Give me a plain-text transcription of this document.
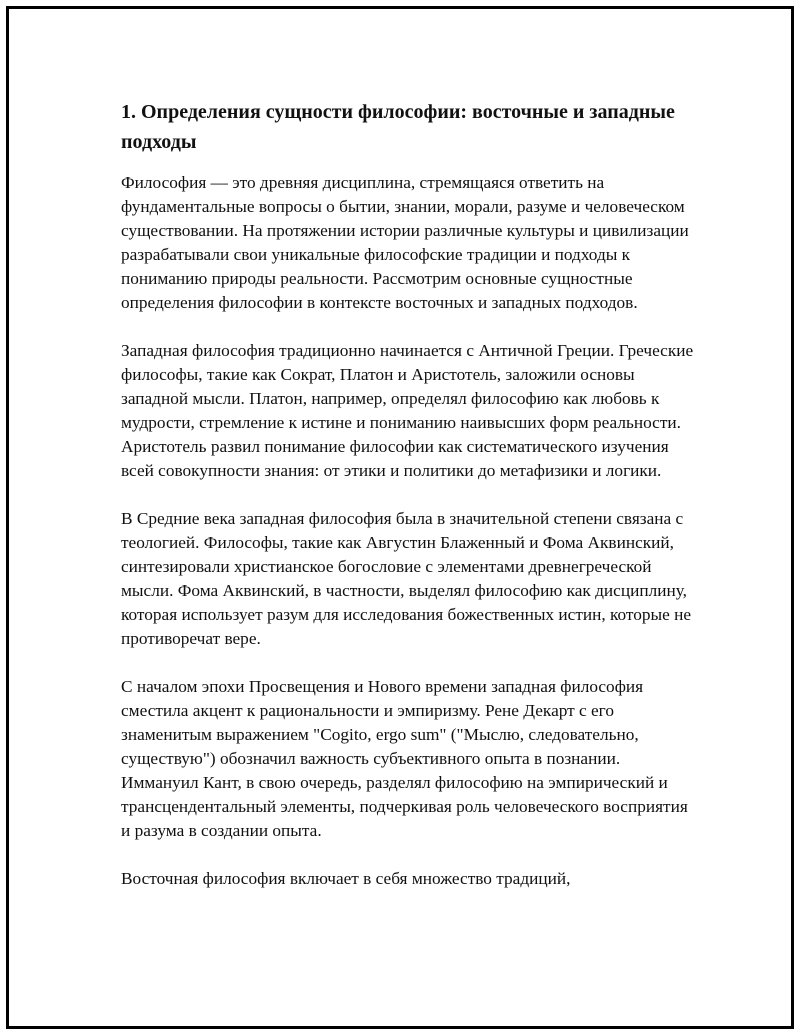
1. Определения сущности философии: восточные и западные подходы

Философия — это древняя дисциплина, стремящаяся ответить на фундаментальные вопросы о бытии, знании, морали, разуме и человеческом существовании. На протяжении истории различные культуры и цивилизации разрабатывали свои уникальные философские традиции и подходы к пониманию природы реальности. Рассмотрим основные сущностные определения философии в контексте восточных и западных подходов.

Западная философия традиционно начинается с Античной Греции. Греческие философы, такие как Сократ, Платон и Аристотель, заложили основы западной мысли. Платон, например, определял философию как любовь к мудрости, стремление к истине и пониманию наивысших форм реальности. Аристотель развил понимание философии как систематического изучения всей совокупности знания: от этики и политики до метафизики и логики.

В Средние века западная философия была в значительной степени связана с теологией. Философы, такие как Августин Блаженный и Фома Аквинский, синтезировали христианское богословие с элементами древнегреческой мысли. Фома Аквинский, в частности, выделял философию как дисциплину, которая использует разум для исследования божественных истин, которые не противоречат вере.

С началом эпохи Просвещения и Нового времени западная философия сместила акцент к рациональности и эмпиризму. Рене Декарт с его знаменитым выражением "Cogito, ergo sum" ("Мыслю, следовательно, существую") обозначил важность субъективного опыта в познании. Иммануил Кант, в свою очередь, разделял философию на эмпирический и трансцендентальный элементы, подчеркивая роль человеческого восприятия и разума в создании опыта.

Восточная философия включает в себя множество традиций,
